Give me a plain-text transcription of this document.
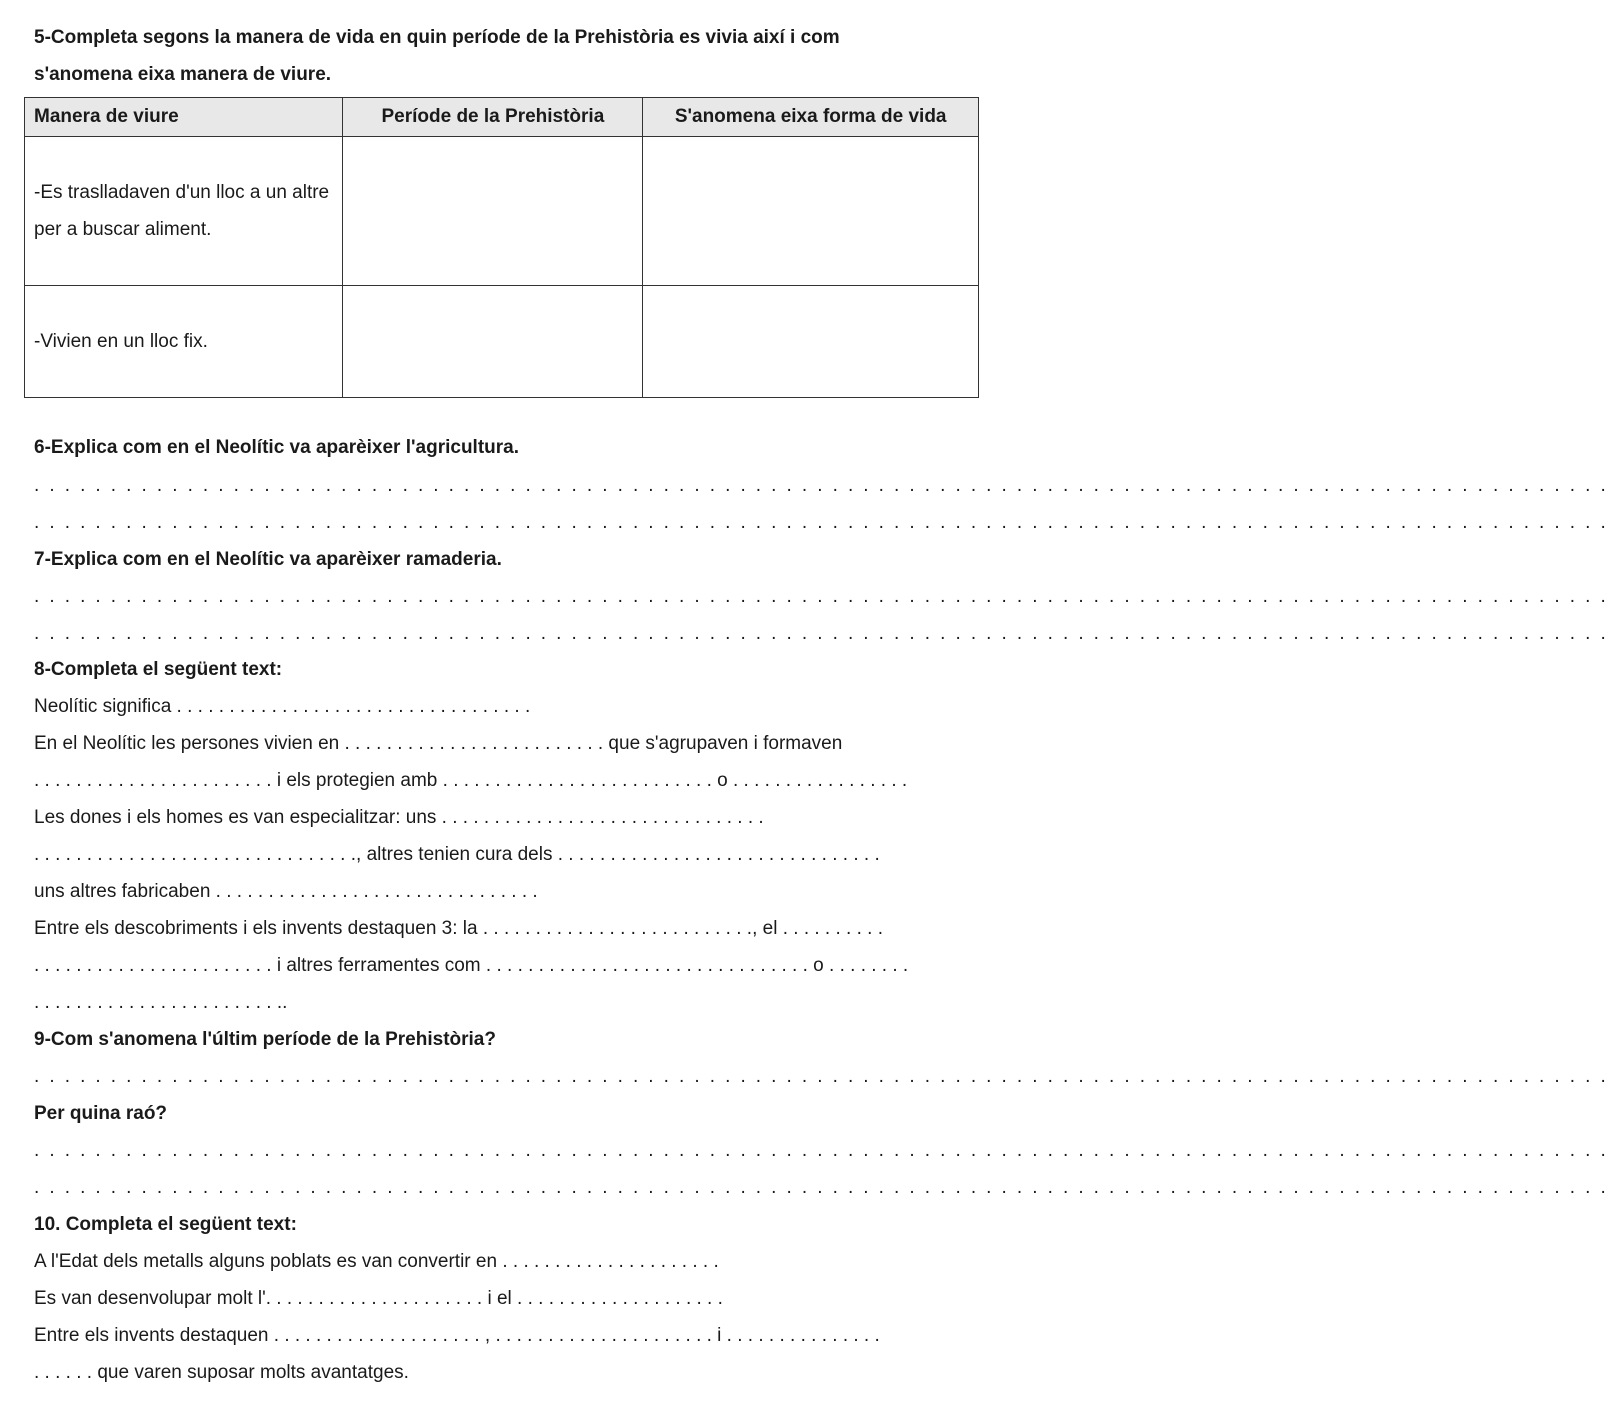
5-Completa segons la manera de vida en quin període de la Prehistòria es vivia així i com
s'anomena eixa manera de viure.
Manera de viure	Període de la Prehistòria	S'anomena eixa forma de vida
-Es traslladaven d'un lloc a un altre per a buscar aliment.		
-Vivien en un lloc fix.		
6-Explica com en el Neolític va aparèixer l'agricultura.
. . . . . . . . . . . . . . . . . . . . . . . . . . . . . . . . . . . . . . . . . . . . . . . . . . . . . . . . . . . . . . . . . . . . . . . . . . . . . . . . . . . . . . . . . . . . . . . . . . . . . . .
. . . . . . . . . . . . . . . . . . . . . . . . . . . . . . . . . . . . . . . . . . . . . . . . . . . . . . . . . . . . . . . . . . . . . . . . . . . . . . . . . . . . . . . . . . . . . . . . . . . . . . .
7-Explica com en el Neolític va aparèixer ramaderia.
. . . . . . . . . . . . . . . . . . . . . . . . . . . . . . . . . . . . . . . . . . . . . . . . . . . . . . . . . . . . . . . . . . . . . . . . . . . . . . . . . . . . . . . . . . . . . . . . . . . . . . .
. . . . . . . . . . . . . . . . . . . . . . . . . . . . . . . . . . . . . . . . . . . . . . . . . . . . . . . . . . . . . . . . . . . . . . . . . . . . . . . . . . . . . . . . . . . . . . . . . . . . . . .
8-Completa el següent text:
Neolític significa . . . . . . . . . . . . . . . . . . . . . . . . . . . . . . . . . .
En el Neolític les persones vivien en . . . . . . . . . . . . . . . . . . . . . . . . . que s'agrupaven i formaven
. . . . . . . . . . . . . . . . . . . . . . . i els protegien amb . . . . . . . . . . . . . . . . . . . . . . . . . . o . . . . . . . . . . . . . . . . .
Les dones i els homes es van especialitzar: uns . . . . . . . . . . . . . . . . . . . . . . . . . . . . . . .
. . . . . . . . . . . . . . . . . . . . . . . . . . . . . . ., altres tenien cura dels . . . . . . . . . . . . . . . . . . . . . . . . . . . . . . .
uns altres fabricaben . . . . . . . . . . . . . . . . . . . . . . . . . . . . . . .
Entre els descobriments i els invents destaquen 3: la . . . . . . . . . . . . . . . . . . . . . . . . . ., el . . . . . . . . . .
. . . . . . . . . . . . . . . . . . . . . . . i altres ferramentes com . . . . . . . . . . . . . . . . . . . . . . . . . . . . . . . o . . . . . . . .
. . . . . . . . . . . . . . . . . . . . . . . ..
9-Com s'anomena l'últim període de la Prehistòria?
. . . . . . . . . . . . . . . . . . . . . . . . . . . . . . . . . . . . . . . . . . . . . . . . . . . . . . . . . . . . . . . . . . . . . . . . . . . . . . . . . . . . . . . . . . . . . . . . . . . . . . .
Per quina raó?
. . . . . . . . . . . . . . . . . . . . . . . . . . . . . . . . . . . . . . . . . . . . . . . . . . . . . . . . . . . . . . . . . . . . . . . . . . . . . . . . . . . . . . . . . . . . . . . . . . . . . . .
. . . . . . . . . . . . . . . . . . . . . . . . . . . . . . . . . . . . . . . . . . . . . . . . . . . . . . . . . . . . . . . . . . . . . . . . . . . . . . . . . . . . . . . . . . . . . . . . . . . . . . .
10. Completa el següent text:
A l'Edat dels metalls alguns poblats es van convertir en . . . . . . . . . . . . . . . . . . . . .
Es van desenvolupar molt l'. . . . . . . . . . . . . . . . . . . . . i el . . . . . . . . . . . . . . . . . . . .
Entre els invents destaquen . . . . . . . . . . . . . . . . . . . . , . . . . . . . . . . . . . . . . . . . . . i . . . . . . . . . . . . . . .
. . . . . . que varen suposar molts avantatges.
